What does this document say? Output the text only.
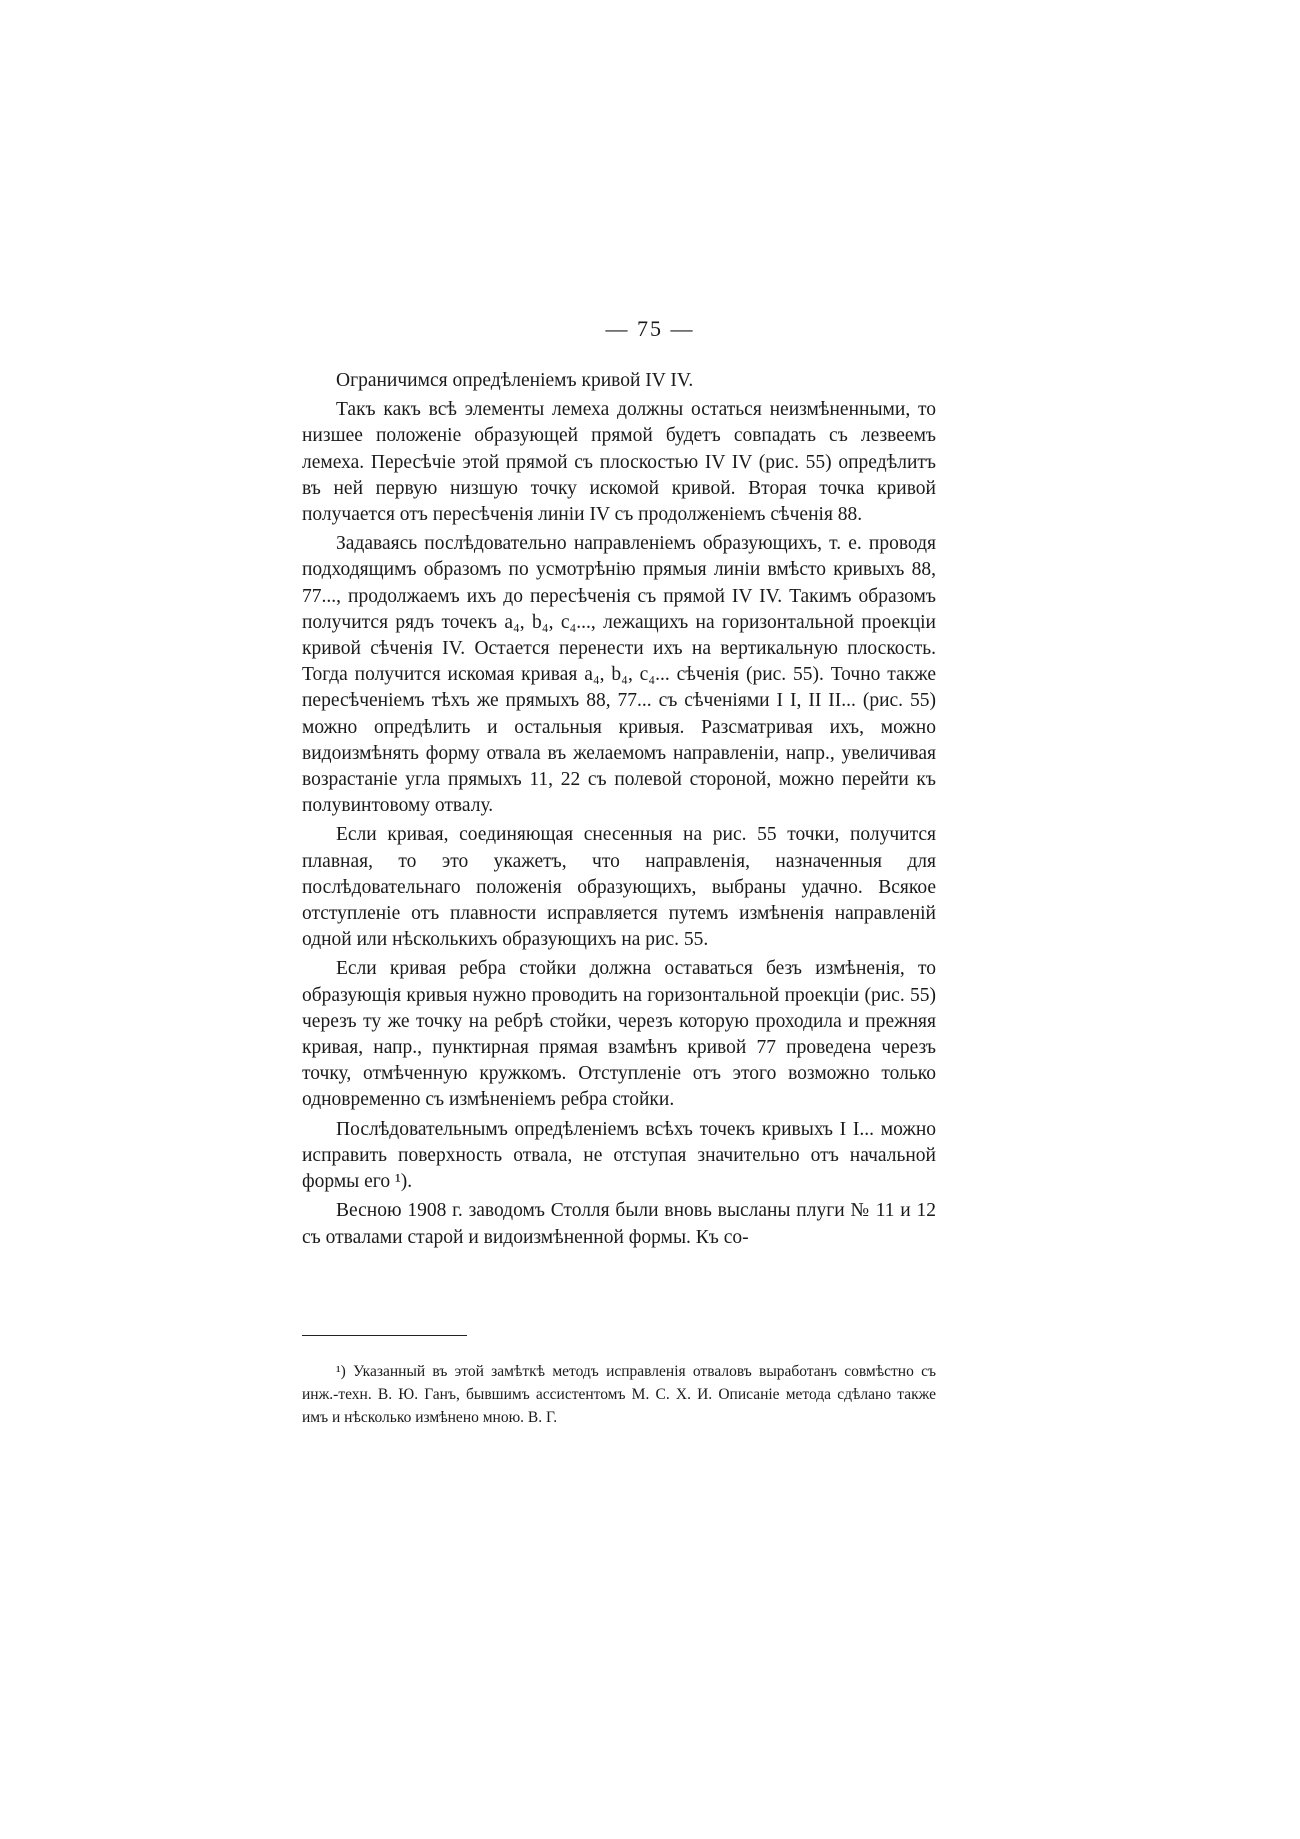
— 75 —

Ограничимся опредѣленіемъ кривой IV IV.

Такъ какъ всѣ элементы лемеха должны остаться неизмѣненными, то низшее положеніе образующей прямой будетъ совпадать съ лезвеемъ лемеха. Пересѣчіе этой прямой съ плоскостью IV IV (рис. 55) опредѣлитъ въ ней первую низшую точку искомой кривой. Вторая точка кривой получается отъ пересѣченія линіи IV съ продолженіемъ сѣченія 88.

Задаваясь послѣдовательно направленіемъ образующихъ, т. е. проводя подходящимъ образомъ по усмотрѣнію прямыя линіи вмѣсто кривыхъ 88, 77..., продолжаемъ ихъ до пересѣченія съ прямой IV IV. Такимъ образомъ получится рядъ точекъ a₄, b₄, c₄..., лежащихъ на горизонтальной проекціи кривой сѣченія IV. Остается перенести ихъ на вертикальную плоскость. Тогда получится искомая кривая a₄, b₄, c₄... сѣченія (рис. 55). Точно также пересѣченіемъ тѣхъ же прямыхъ 88, 77... съ сѣченіями I I, II II... (рис. 55) можно опредѣлить и остальныя кривыя. Разсматривая ихъ, можно видоизмѣнять форму отвала въ желаемомъ направленіи, напр., увеличивая возрастаніе угла прямыхъ 11, 22 съ полевой стороной, можно перейти къ полувинтовому отвалу.

Если кривая, соединяющая снесенныя на рис. 55 точки, получится плавная, то это укажетъ, что направленія, назначенныя для послѣдовательнаго положенія образующихъ, выбраны удачно. Всякое отступленіе отъ плавности исправляется путемъ измѣненія направленій одной или нѣсколькихъ образующихъ на рис. 55.

Если кривая ребра стойки должна оставаться безъ измѣненія, то образующія кривыя нужно проводить на горизонтальной проекціи (рис. 55) черезъ ту же точку на ребрѣ стойки, черезъ которую проходила и прежняя кривая, напр., пунктирная прямая взамѣнъ кривой 77 проведена черезъ точку, отмѣченную кружкомъ. Отступленіе отъ этого возможно только одновременно съ измѣненіемъ ребра стойки.

Послѣдовательнымъ опредѣленіемъ всѣхъ точекъ кривыхъ I I... можно исправить поверхность отвала, не отступая значительно отъ начальной формы его ¹).

Весною 1908 г. заводомъ Столля были вновь высланы плуги № 11 и 12 съ отвалами старой и видоизмѣненной формы. Къ со-

¹) Указанный въ этой замѣткѣ методъ исправленія отваловъ выработанъ совмѣстно съ инж.-техн. В. Ю. Ганъ, бывшимъ ассистентомъ М. С. Х. И. Описаніе метода сдѣлано также имъ и нѣсколько измѣнено мною. В. Г.
